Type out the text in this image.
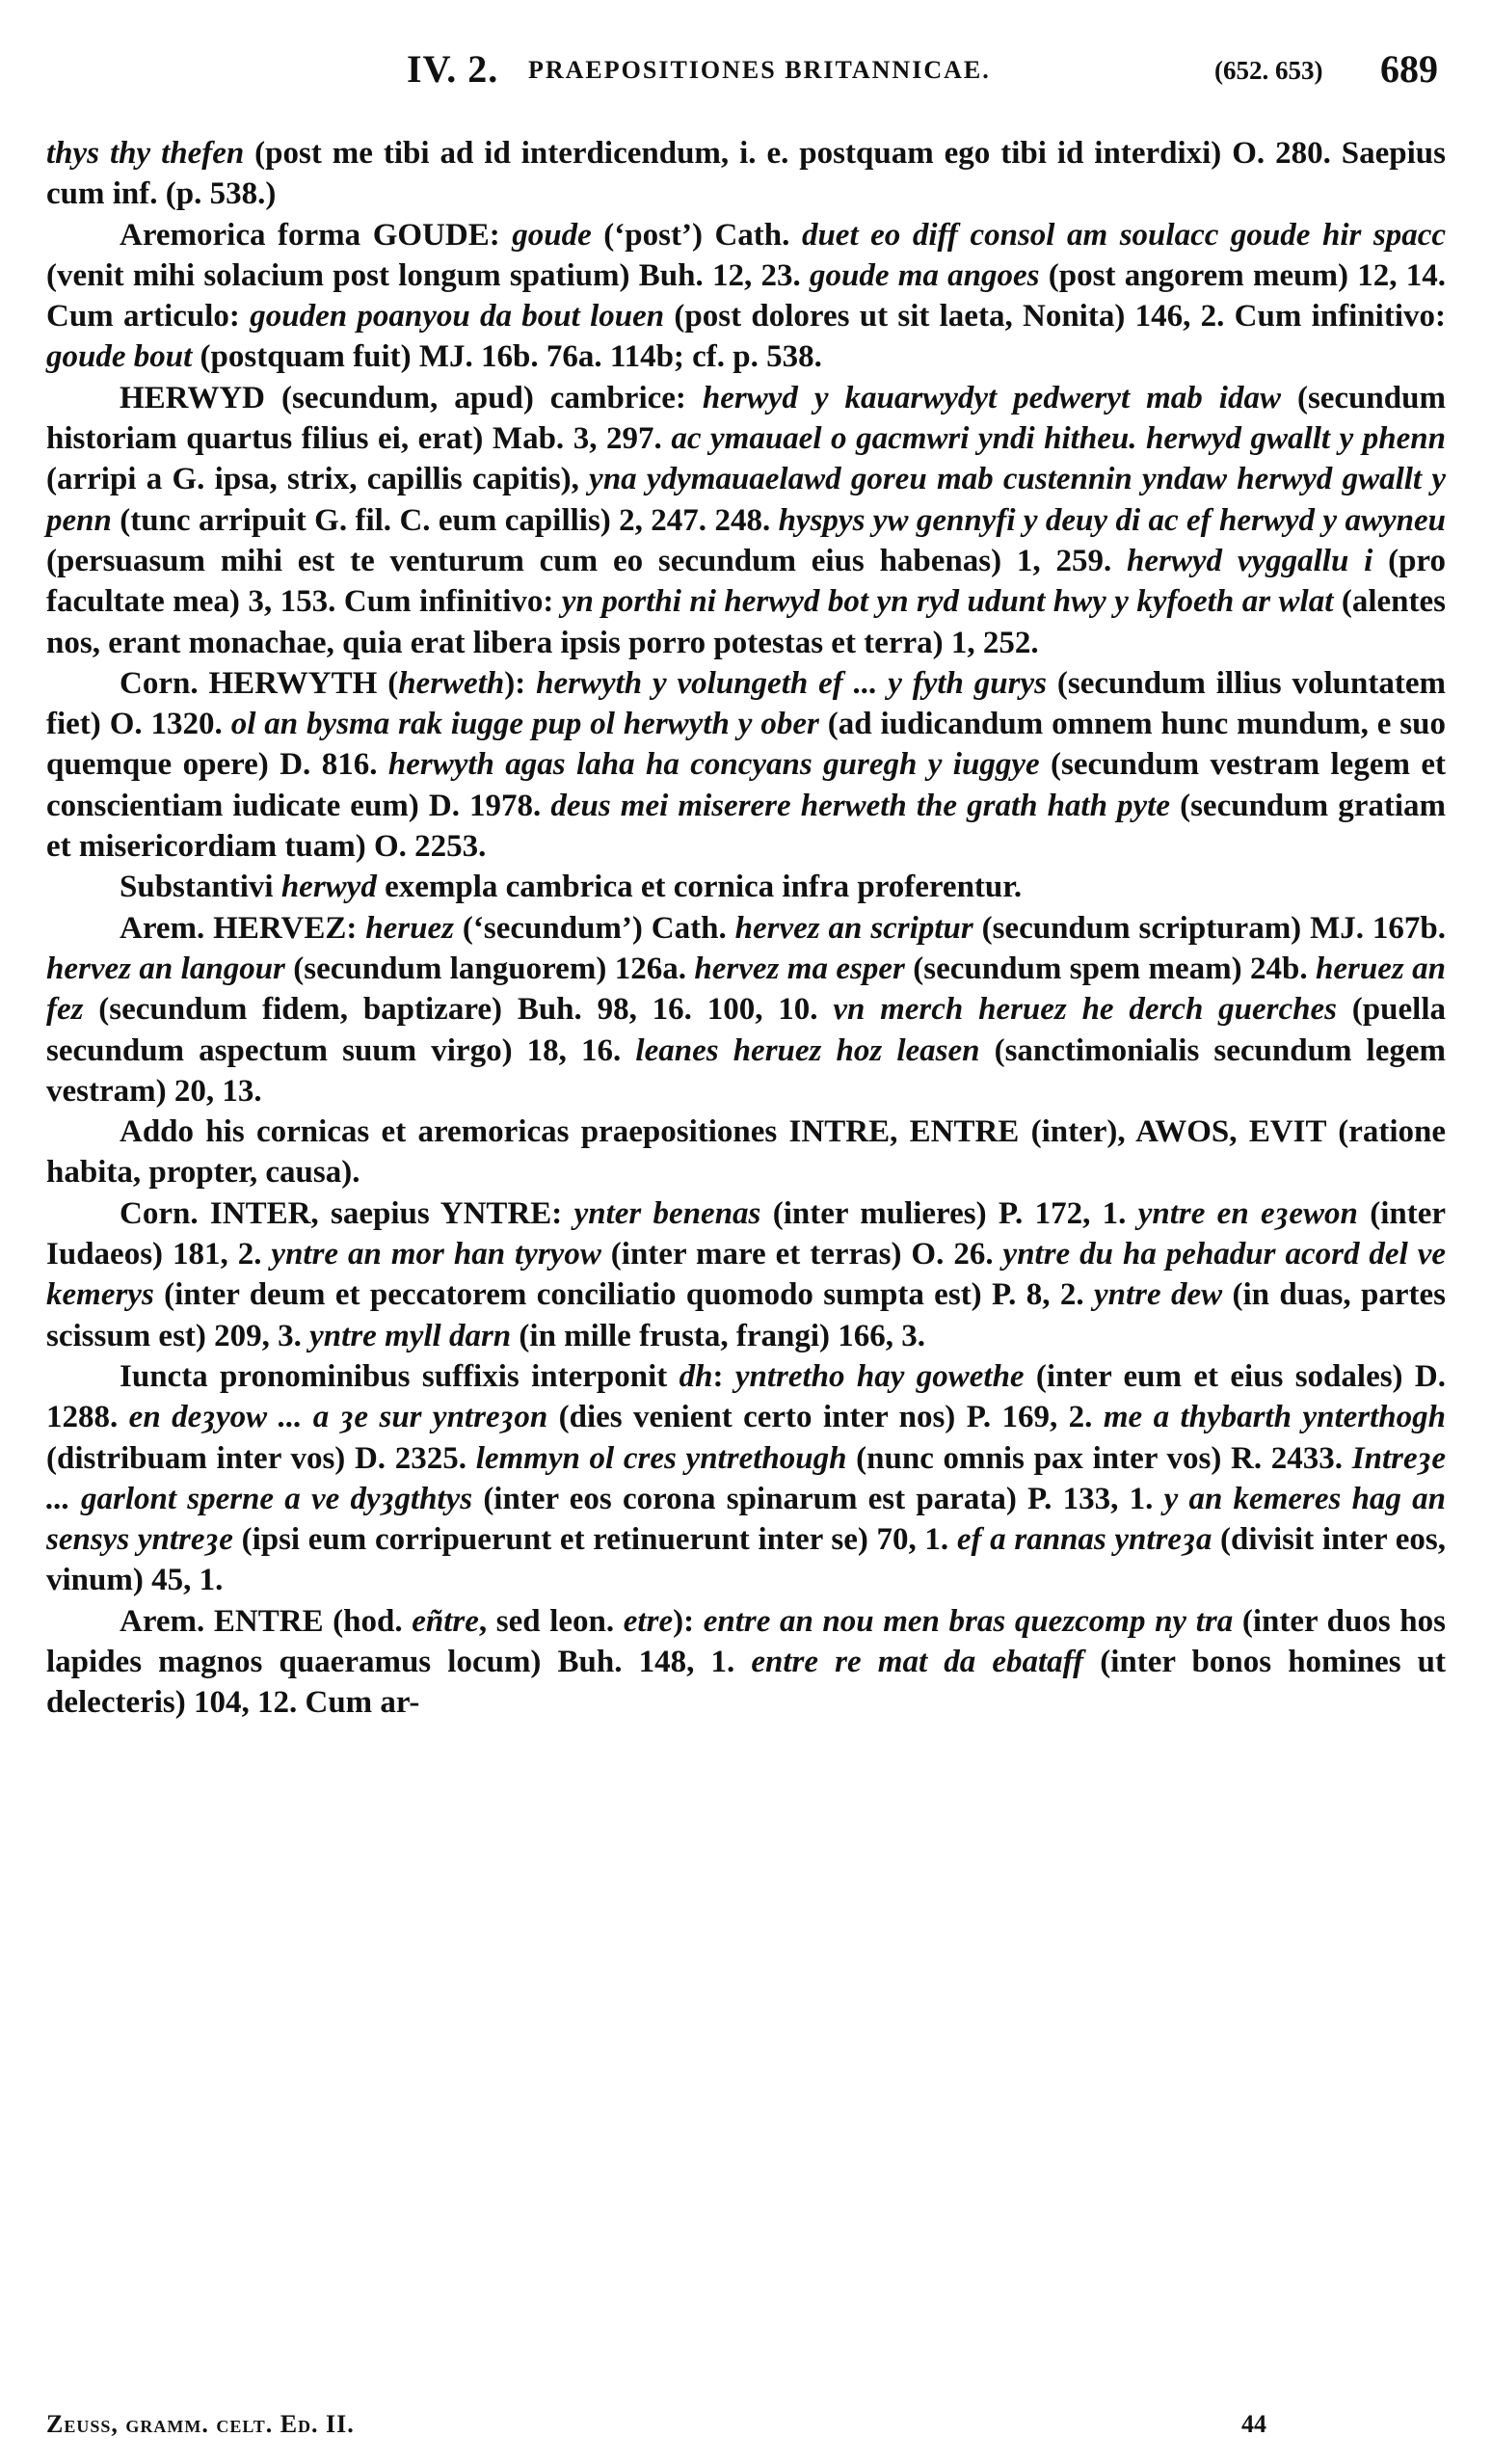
IV. 2. PRAEPOSITIONES BRITANNICAE.	(652. 653) 689

thys thy thefen (post me tibi ad id interdicendum, i. e. postquam ego tibi id interdixi) O. 280. Saepius cum inf. (p. 538.)

Aremorica forma GOUDE: goude (‘post’) Cath. duet eo diff consol am soulacc goude hir spacc (venit mihi solacium post longum spatium) Buh. 12, 23. goude ma angoes (post angorem meum) 12, 14. Cum articulo: gouden poanyou da bout louen (post dolores ut sit laeta, Nonita) 146, 2. Cum infinitivo: goude bout (postquam fuit) MJ. 16b. 76a. 114b; cf. p. 538.

HERWYD (secundum, apud) cambrice: herwyd y kauarwydyt pedweryt mab idaw (secundum historiam quartus filius ei, erat) Mab. 3, 297. ac ymauael o gacmwri yndi hitheu. herwyd gwallt y phenn (arripi a G. ipsa, strix, capillis capitis), yna ydymauaelawd goreu mab custennin yndaw herwyd gwallt y penn (tunc arripuit G. fil. C. eum capillis) 2, 247. 248. hyspys yw gennyfi y deuy di ac ef herwyd y awyneu (persuasum mihi est te venturum cum eo secundum eius habenas) 1, 259. herwyd vyggallu i (pro facultate mea) 3, 153. Cum infinitivo: yn porthi ni herwyd bot yn ryd udunt hwy y kyfoeth ar wlat (alentes nos, erant monachae, quia erat libera ipsis porro potestas et terra) 1, 252.

Corn. HERWYTH (herweth): herwyth y volungeth ef ... y fyth gurys (secundum illius voluntatem fiet) O. 1320. ol an bysma rak iugge pup ol herwyth y ober (ad iudicandum omnem hunc mundum, e suo quemque opere) D. 816. herwyth agas laha ha concyans guregh y iuggye (secundum vestram legem et conscientiam iudicate eum) D. 1978. deus mei miserere herweth the grath hath pyte (secundum gratiam et misericordiam tuam) O. 2253.

Substantivi herwyd exempla cambrica et cornica infra proferentur.

Arem. HERVEZ: heruez (‘secundum’) Cath. hervez an scriptur (secundum scripturam) MJ. 167b. hervez an langour (secundum languorem) 126a. hervez ma esper (secundum spem meam) 24b. heruez an fez (secundum fidem, baptizare) Buh. 98, 16. 100, 10. vn merch heruez he derch guerches (puella secundum aspectum suum virgo) 18, 16. leanes heruez hoz leasen (sanctimonialis secundum legem vestram) 20, 13.

Addo his cornicas et aremoricas praepositiones INTRE, ENTRE (inter), AWOS, EVIT (ratione habita, propter, causa).

Corn. INTER, saepius YNTRE: ynter benenas (inter mulieres) P. 172, 1. yntre en eȝewon (inter Iudaeos) 181, 2. yntre an mor han tyryow (inter mare et terras) O. 26. yntre du ha pehadur acord del ve kemerys (inter deum et peccatorem conciliatio quomodo sumpta est) P. 8, 2. yntre dew (in duas, partes scissum est) 209, 3. yntre myll darn (in mille frusta, frangi) 166, 3.

Iuncta pronominibus suffixis interponit dh: yntretho hay gowethe (inter eum et eius sodales) D. 1288. en deȝyow ... a ȝe sur yntreȝon (dies venient certo inter nos) P. 169, 2. me a thybarth ynterthogh (distribuam inter vos) D. 2325. lemmyn ol cres yntrethough (nunc omnis pax inter vos) R. 2433. Intreȝe ... garlont sperne a ve dyȝgthtys (inter eos corona spinarum est parata) P. 133, 1. y an kemeres hag an sensys yntreȝe (ipsi eum corripuerunt et retinuerunt inter se) 70, 1. ef a rannas yntreȝa (divisit inter eos, vinum) 45, 1.

Arem. ENTRE (hod. eñtre, sed leon. etre): entre an nou men bras quezcomp ny tra (inter duos hos lapides magnos quaeramus locum) Buh. 148, 1. entre re mat da ebataff (inter bonos homines ut delecteris) 104, 12. Cum ar-

Zeuss, gramm. celt. Ed. II.	44
